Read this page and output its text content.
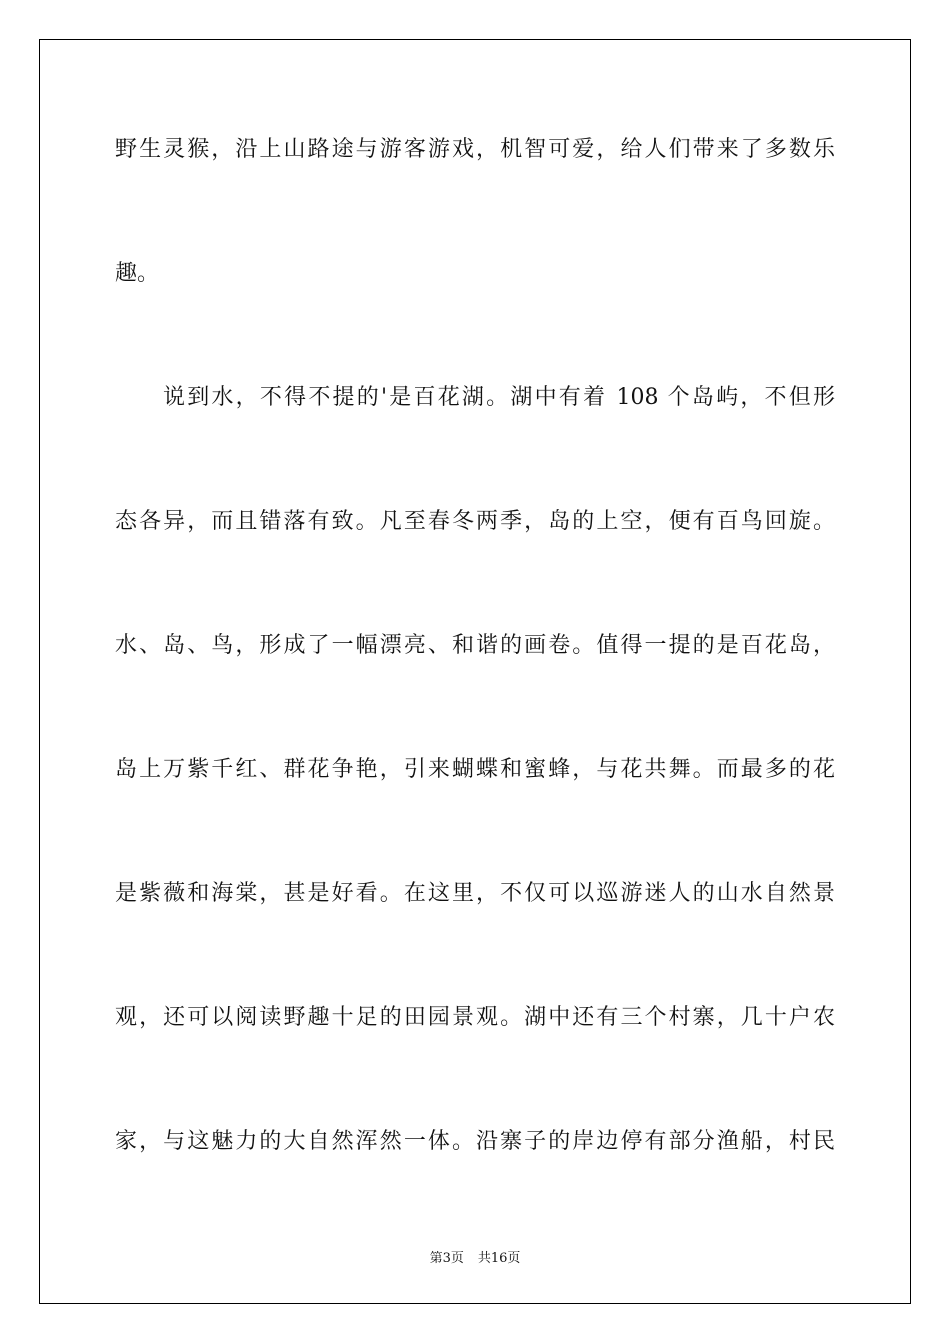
野生灵猴，沿上山路途与游客游戏，机智可爱，给人们带来了多数乐
趣。
说到水，不得不提的'是百花湖。湖中有着 108 个岛屿，不但形
态各异，而且错落有致。凡至春冬两季，岛的上空，便有百鸟回旋。
水、岛、鸟，形成了一幅漂亮、和谐的画卷。值得一提的是百花岛，
岛上万紫千红、群花争艳，引来蝴蝶和蜜蜂，与花共舞。而最多的花
是紫薇和海棠，甚是好看。在这里，不仅可以巡游迷人的山水自然景
观，还可以阅读野趣十足的田园景观。湖中还有三个村寨，几十户农
家，与这魅力的大自然浑然一体。沿寨子的岸边停有部分渔船，村民
第3页 共16页
